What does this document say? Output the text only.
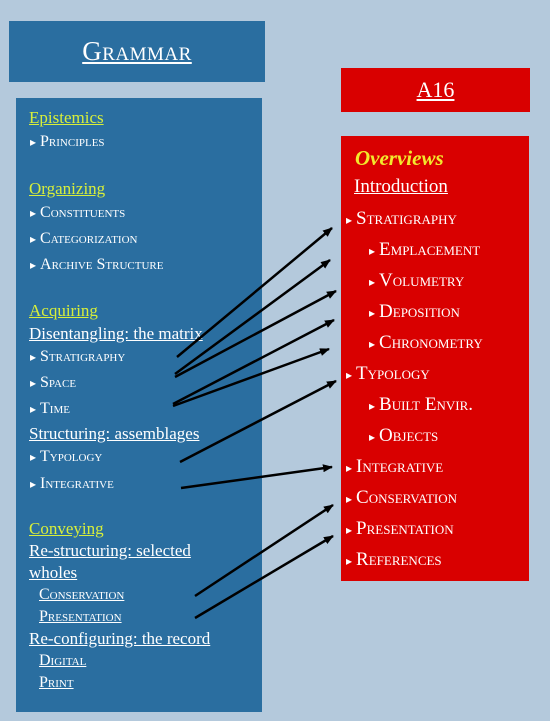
Grammar
Epistemics
▸ Principles
Organizing
▸ Constituents
▸ Categorization
▸ Archive Structure
Acquiring
Disentangling: the matrix
▸ Stratigraphy
▸ Space
▸ Time
Structuring: assemblages
▸ Typology
▸ Integrative
Conveying
Re-structuring: selected
wholes
Conservation
Presentation
Re-configuring: the record
Digital
Print
A16
Overviews
Introduction
▸ Stratigraphy
▸ Emplacement
▸ Volumetry
▸ Deposition
▸ Chronometry
▸ Typology
▸ Built Envir.
▸ Objects
▸ Integrative
▸ Conservation
▸ Presentation
▸ References
